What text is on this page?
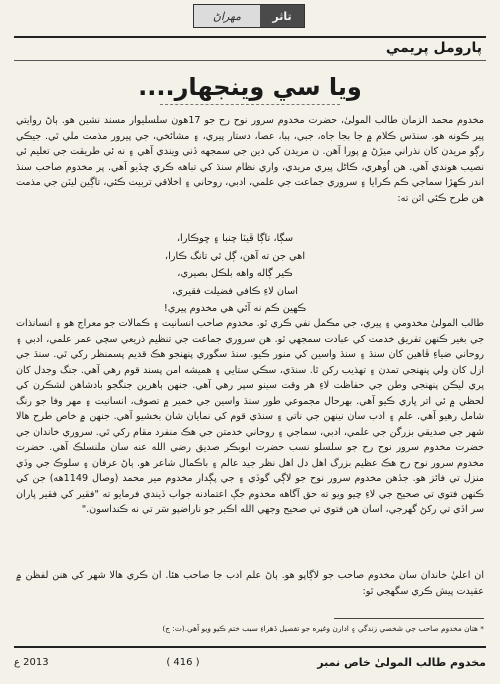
مهراڻ	تاثر
پارومل پريمي
ويا سي وينجهار....

مخدوم محمد الزمان طالب المولىٰ، حضرت مخدوم سرور نوح رح جو 17هون سلسليوار مسند نشين هو. ٻاڻ روايتي پير ڪونه هو. سنڌس ڪلام ۾ جا بجا جاه، جبي، ٻبا، عصا، دستار پيري، ۽ مشائخي، جي پيرور مذمت ملي ٿي. جيڪي رڳو مريدن کان نذراني ميڙڻ ۾ پورا آهن. ن مريدن کي دين جي سمجهه ڏني ويندي آهي ۽ نه ئي طريقت جي تعليم ئي نصيب هوندي آهي. هن اُوهري، ڪاڻل پيري مريدي، واري نظام سنڌ کي تباهه ڪري ڇڏيو آهي. پر مخدوم صاحب سنڌ اندر ڪهڙا سماجي ڪم ڪرايا ۽ سروري جماعت جي علمي، ادبي، روحاني ۽ اخلاقي تربيت ڪئي، تاڳين ليٽن جي مذمت هن طرح ڪئي اٿن ته:

سڳا، تاڳا ڦيٽا چنبا ۽ ڇوڪارا،
اهي جن ته آهن، ڳل ٿي تانگ ڪارا،
ڪير ڳاله واهه بلڪل بصيري،
اسان لاءِ ڪافي فضيلت فقيري،
ڪهين ڪم نه آئي هي مخدوم پيري!

طالب المولىٰ مخدومي ۽ پيري، جي مڪمل نفي ڪري ٿو. مخدوم صاحب انسانيت ۽ ڪمالات جو معراج هو ۽ انسانذات جي بغير ڪنهن تفريق خدمت کي عبادت سمجهي ٿو. هن سروري جماعت جي تنظيم ذريعي سڄي عمر علمي، ادبي ۽ روحاني ضياءِ ڦاهين کان سنڌ ۽ سنڌ واسين کي منور ڪيو. سنڌ سگوري پنهنجو هڪ قديم پسمنظر رکي ٿي. سنڌ جي ازل کان ولي پنهنجي تمدن ۽ تهذيب رکن ٿا. سنڌي، سڪي ستايي ۽ هميشه امن پسند قوم رهي آهي. جنگ وجدل کان پري ليڪن پنهنجي وطن جي حفاظت لاءِ هر وقت سينو سپر رهي آهي. جنهن ٻاهرين جنگجو بادشاهن لشڪرن کي لحظي ۾ ئي اتر ڀاري ڪيو آهي. بهرحال مجموعي طور سنڌ واسين جي خمير ۾ تصوف، انسانيت ۽ مهر وفا جو رنگ شامل رهيو آهي. علم ۽ ادب سان نينهن جي ناتي ۽ سنڌي قوم کي نمايان شان بخشيو آهي. جنهن ۾ خاص طرح هالا شهر جي صديقي بزرگن جي علمي، ادبي، سماجي ۽ روحاني خدمتن جي هڪ منفرد مقام رکي ٿي. سروري خاندان جي حضرت مخدوم سرور نوح رح جو سلسلو نسب حضرت ابوبڪر صديق رضي الله عنه سان ملنسلڪ آهي. حضرت مخدوم سرور نوح رح هڪ عظيم بزرگ اهل دل اهل نظر جيد عالم ۽ باڪمال شاعر هو. ٻاڻ عرفان ۽ سلوڪ جي وڏي منزل تي فائز هو. جڏهن مخدوم سرور نوح جو لاڳي گوڏي ۽ جي پڳدار مخدوم مير محمد (وصال 1149هه) جن کي ڪنهن فتوي تي صحيح جي لاءِ چيو ويو ته حق آگاهه مخدوم جڳ اعتمادنه جواب ڏيندي فرمايو ته "فقير کي فقير پاران سر اڏي تي رکڻ گهرجي، اسان هن فتوي تي صحيح وجهي الله اڪبر جو ناراضپو سَر تي نه ڪنداسون."

ان اعليٰ خاندان سان مخدوم صاحب جو لاڳاپو هو. ٻاڻ علم ادب جا صاحب هئا. ان ڪري هالا شهر کي هنن لفظن ۾ عقيدت پيش ڪري سگهجي ٿو:

* هتان مخدوم صاحب جي شخصي زندگي ۽ ادارن وغيره جو تفصيل ڏهراءِ سبب ختم ڪيو ويو آهي.(ت: ج)
2013 ع	( 416 )	مخدوم طالب المولىٰ خاص نمبر
